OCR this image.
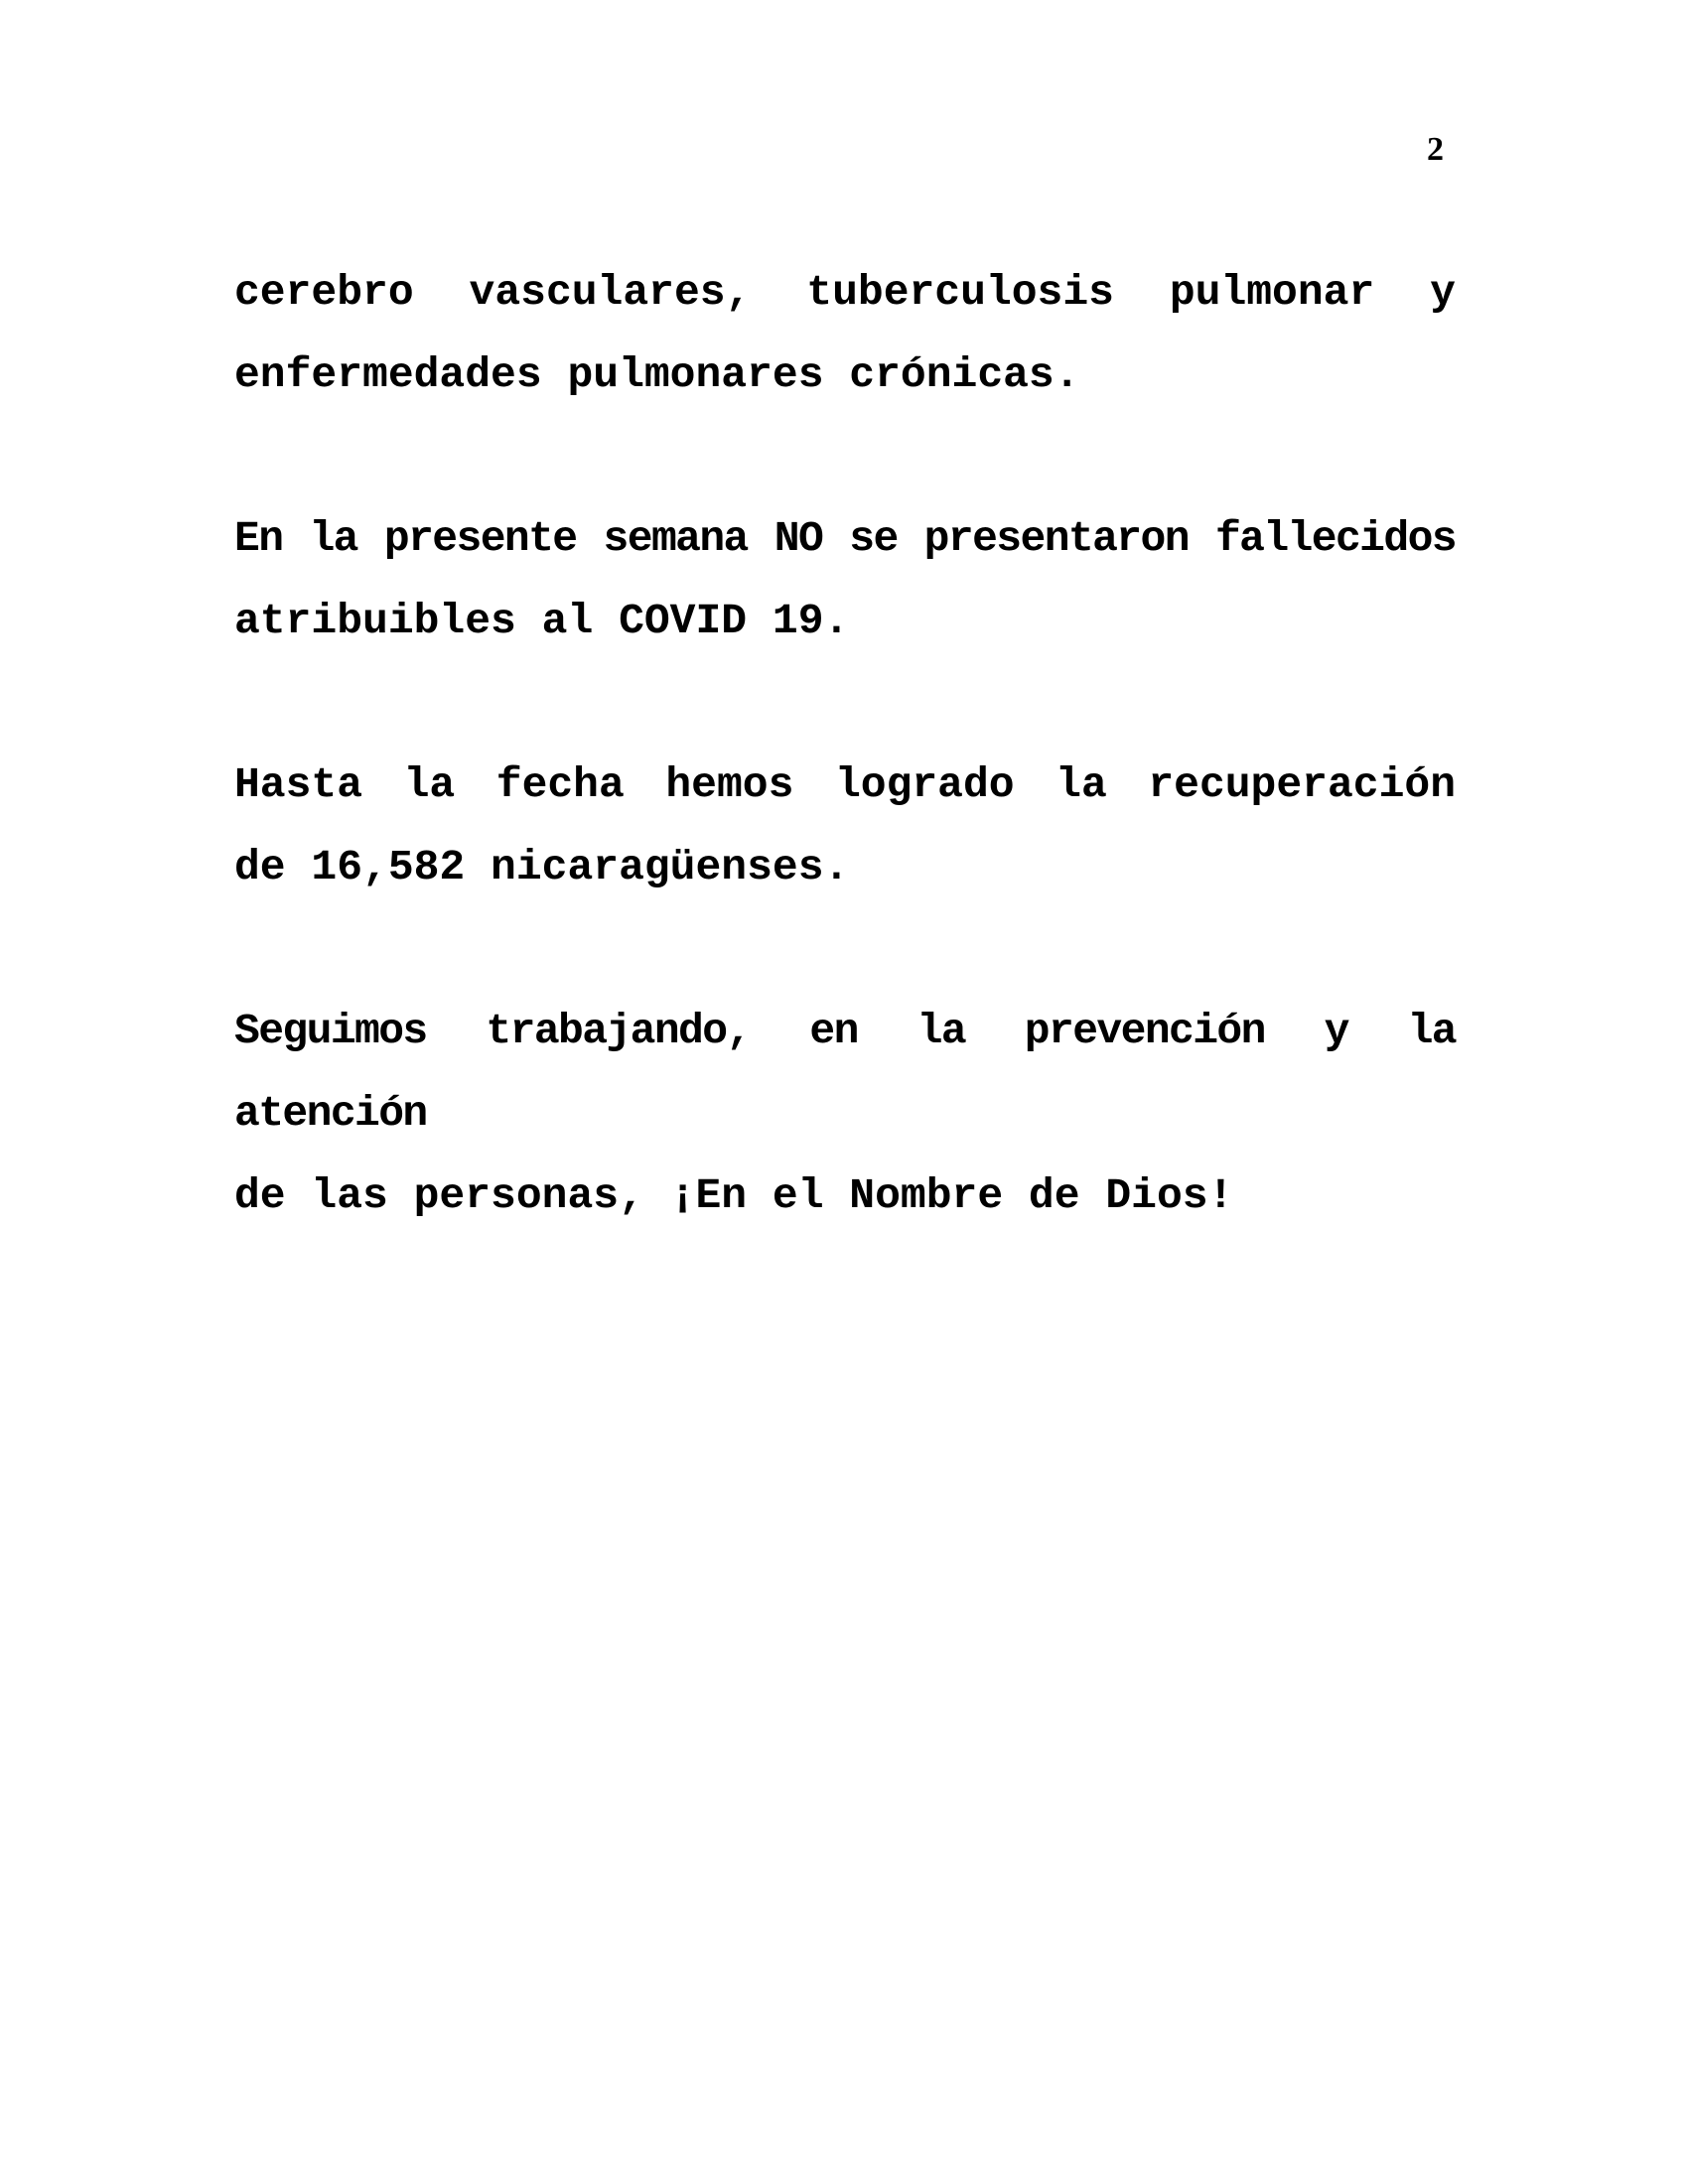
2

cerebro vasculares, tuberculosis pulmonar y
enfermedades pulmonares crónicas.

En la presente semana NO se presentaron fallecidos
atribuibles al COVID 19.

Hasta la fecha hemos logrado la recuperación
de 16,582 nicaragüenses.

Seguimos trabajando, en la prevención y la atención
de las personas, ¡En el Nombre de Dios!
